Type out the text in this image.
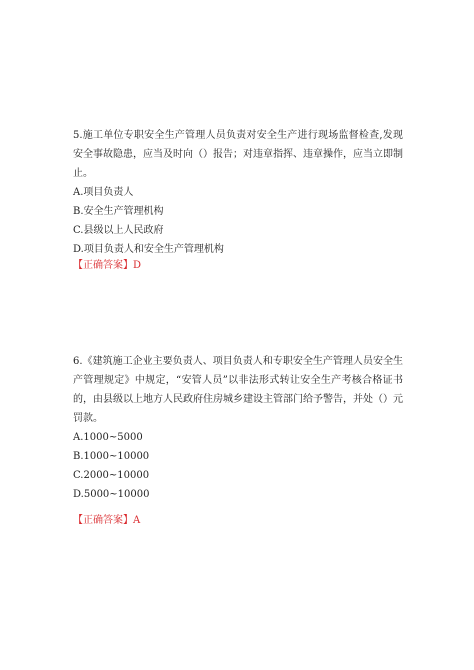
5.施工单位专职安全生产管理人员负责对安全生产进行现场监督检查,发现安全事故隐患，应当及时向（）报告；对违章指挥、违章操作，应当立即制止。

A.项目负责人
B.安全生产管理机构
C.县级以上人民政府
D.项目负责人和安全生产管理机构
【正确答案】D

6.《建筑施工企业主要负责人、项目负责人和专职安全生产管理人员安全生产管理规定》中规定，“安管人员”以非法形式转让安全生产考核合格证书的，由县级以上地方人民政府住房城乡建设主管部门给予警告，并处（）元罚款。

A.1000~5000
B.1000~10000
C.2000~10000
D.5000~10000
【正确答案】A
